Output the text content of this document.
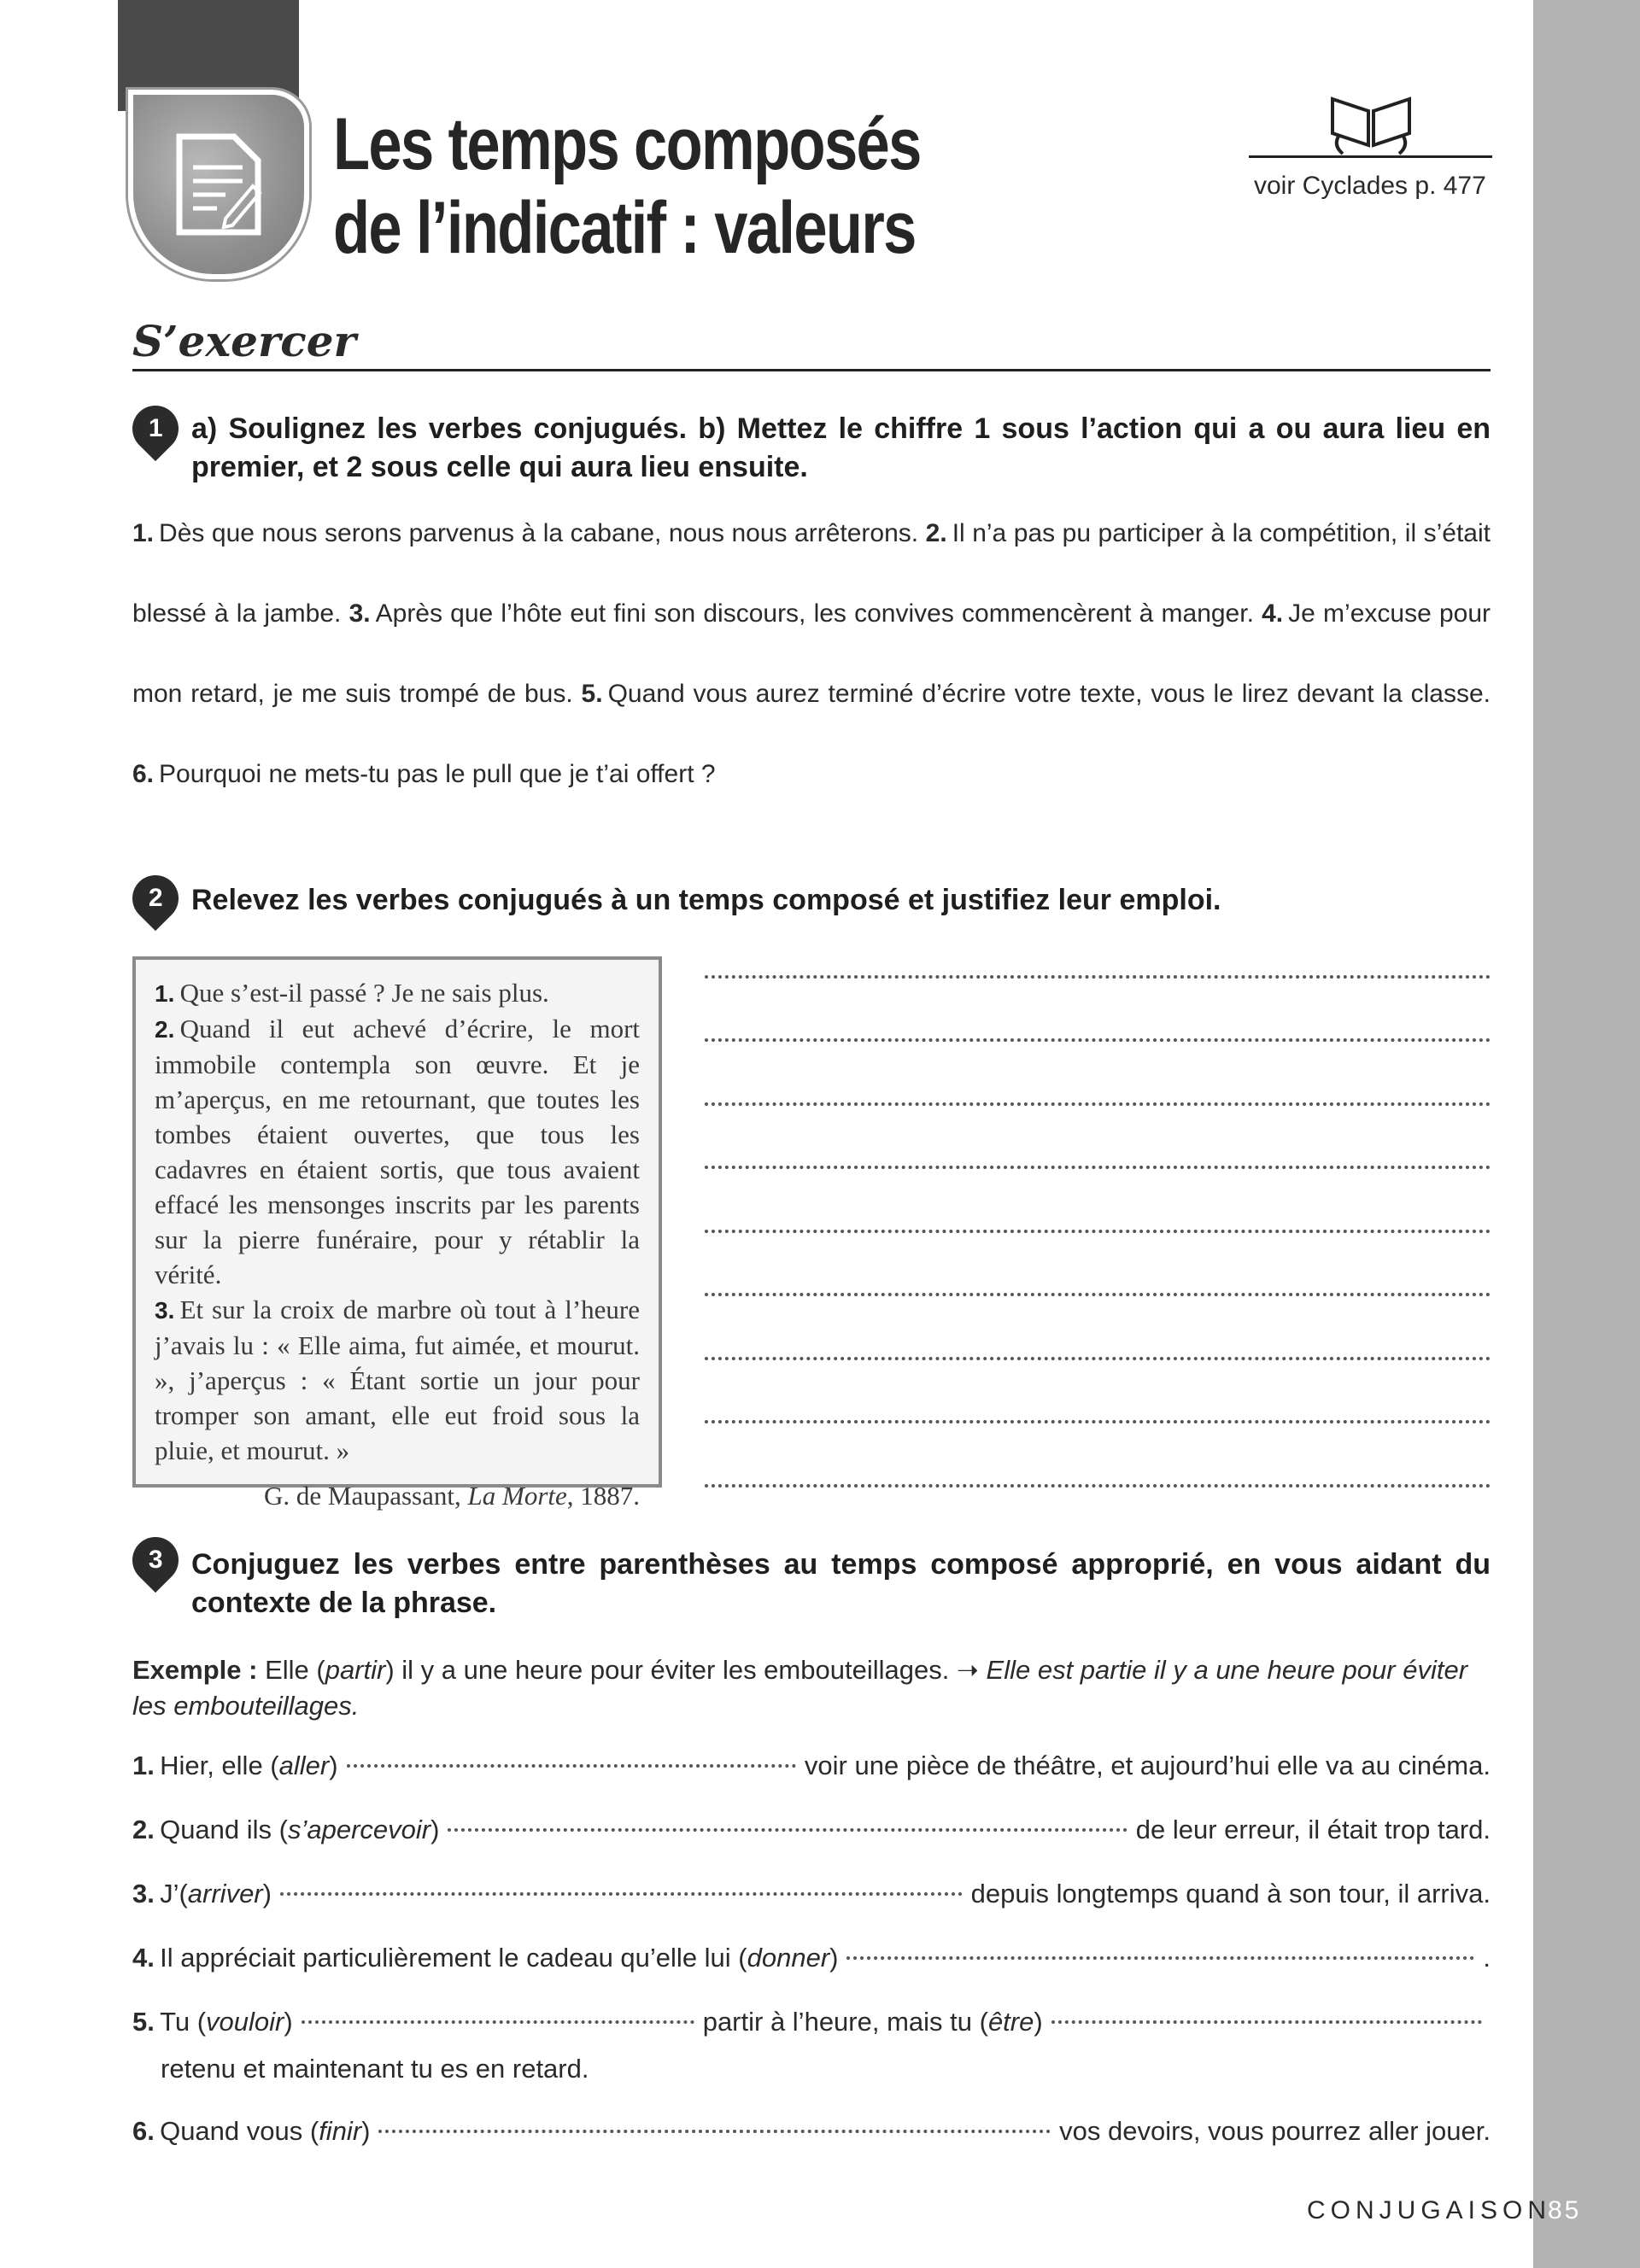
Les temps composés
de l’indicatif : valeurs
voir Cyclades p. 477
S’exercer
1 a) Soulignez les verbes conjugués. b) Mettez le chiffre 1 sous l’action qui a ou aura lieu en premier, et 2 sous celle qui aura lieu ensuite.
1.  Dès que nous serons parvenus à la cabane, nous nous arrêterons. 2.  Il n’a pas pu participer à la compétition, il s’était blessé à la jambe. 3.  Après que l’hôte eut fini son discours, les convives commencèrent à manger. 4.  Je m’excuse pour mon retard, je me suis trompé de bus. 5.  Quand vous aurez terminé d’écrire votre texte, vous le lirez devant la classe. 6.  Pourquoi ne mets-tu pas le pull que je t’ai offert ?
2 Relevez les verbes conjugués à un temps composé et justifiez leur emploi.

1.  Que s’est-il passé ? Je ne sais plus.

2.  Quand il eut achevé d’écrire, le mort immobile contempla son œuvre. Et je m’aperçus, en me retournant, que toutes les tombes étaient ouvertes, que tous les cadavres en étaient sortis, que tous avaient effacé les mensonges inscrits par les parents sur la pierre funéraire, pour y rétablir la vérité.

3.  Et sur la croix de marbre où tout à l’heure j’avais lu : « Elle aima, fut aimée, et mourut. », j’aperçus : « Étant sortie un jour pour tromper son amant, elle eut froid sous la pluie, et mourut. »

G. de Maupassant, La Morte, 1887.

3 Conjuguez les verbes entre parenthèses au temps composé approprié, en vous aidant du contexte de la phrase.
Exemple : Elle (partir) il y a une heure pour éviter les embouteillages. ➝ Elle est partie il y a une heure pour éviter les embouteillages.
1.
  Hier, elle ( aller )	voir une pièce de théâtre, et aujourd’hui elle va au cinéma.
2.
  Quand ils ( s’apercevoir )	de leur erreur, il était trop tard.
3.
  J’( arriver )	depuis longtemps quand à son tour, il arriva.
4.
  Il appréciait particulièrement le cadeau qu’elle lui ( donner )	.
5.
  Tu ( vouloir )	partir à l’heure, mais tu ( être )
retenu et maintenant tu es en retard.
6.
  Quand vous ( finir )	vos devoirs, vous pourrez aller jouer.
CONJUGAISON
85
